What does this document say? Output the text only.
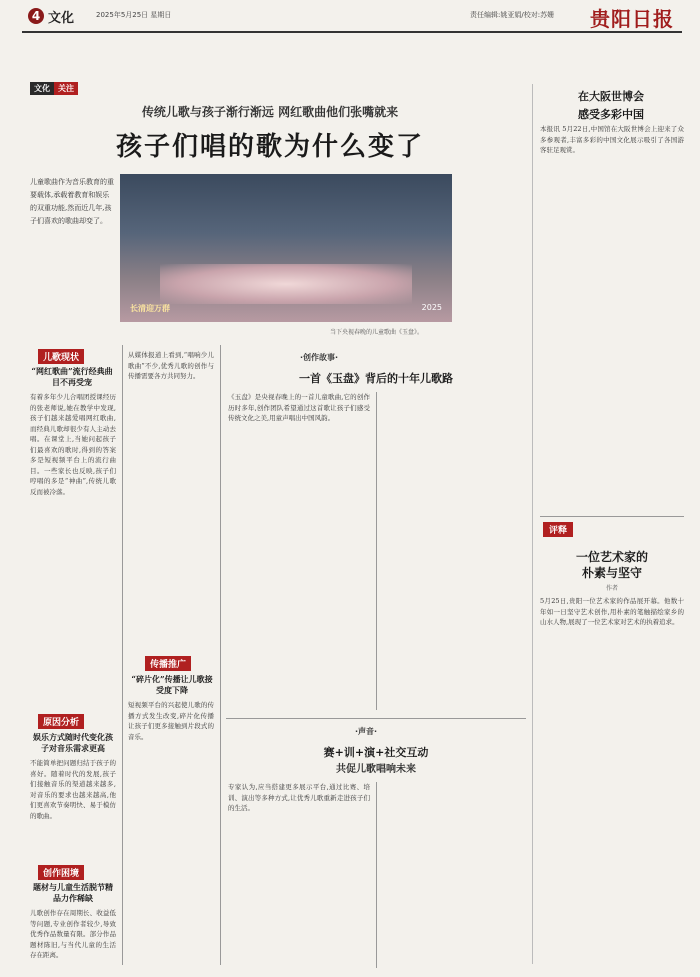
4 文化	2025年5月25日 星期日	责任编辑:姚亚娟/校对:苏姗 贵阳日报
文化 关注
传统儿歌与孩子渐行渐远 网红歌曲他们张嘴就来
孩子们唱的歌为什么变了
儿童歌曲作为音乐教育的重要载体,承载着教育和娱乐的双重功能,然而近几年,孩子们喜欢的歌曲却变了。
长清迎万群	2025
当下央视春晚的儿童歌曲《玉盘》。
儿歌现状
“网红歌曲”流行经典曲目不再受宠
有着多年少儿合唱团授课经历的张老师说,她在教学中发现,孩子们越来越爱唱网红歌曲,而经典儿歌却很少有人主动去唱。在课堂上,当她问起孩子们最喜欢的歌时,得到的答案多是短视频平台上的流行曲目。一些家长也反映,孩子们哼唱的多是“神曲”,传统儿歌反而被冷落。
原因分析
娱乐方式随时代变化孩子对音乐需求更高
不能简单把问题归结于孩子的喜好。随着时代的发展,孩子们接触音乐的渠道越来越多,对音乐的要求也越来越高,他们更喜欢节奏明快、易于模仿的歌曲。
创作困境
题材与儿童生活脱节精品力作稀缺
儿歌创作存在周期长、收益低等问题,专业创作者较少,导致优秀作品数量有限。部分作品题材陈旧,与当代儿童的生活存在距离。
从媒体报道上看到,“唱响少儿歌曲”不少,优秀儿歌的创作与传播需要各方共同努力。
传播推广
“碎片化”传播让儿歌接受度下降
短视频平台的兴起使儿歌的传播方式发生改变,碎片化传播让孩子们更多接触到片段式的音乐。
·创作故事·
一首《玉盘》背后的十年儿歌路
《玉盘》是央视春晚上的一首儿童歌曲,它的创作历时多年,创作团队希望通过这首歌让孩子们感受传统文化之美,用童声唱出中国风韵。
·声音·
赛+训+演+社交互动
共促儿歌唱响未来
专家认为,应当搭建更多展示平台,通过比赛、培训、演出等多种方式,让优秀儿歌重新走进孩子们的生活。
在大阪世博会
感受多彩中国
本报讯 5月22日,中国馆在大阪世博会上迎来了众多参观者,丰富多彩的中国文化展示吸引了各国游客驻足观赏。
评释
一位艺术家的
朴素与坚守
作者
5月25日,贵阳一位艺术家的作品展开幕。他数十年如一日坚守艺术创作,用朴素的笔触描绘家乡的山水人物,展现了一位艺术家对艺术的执着追求。
